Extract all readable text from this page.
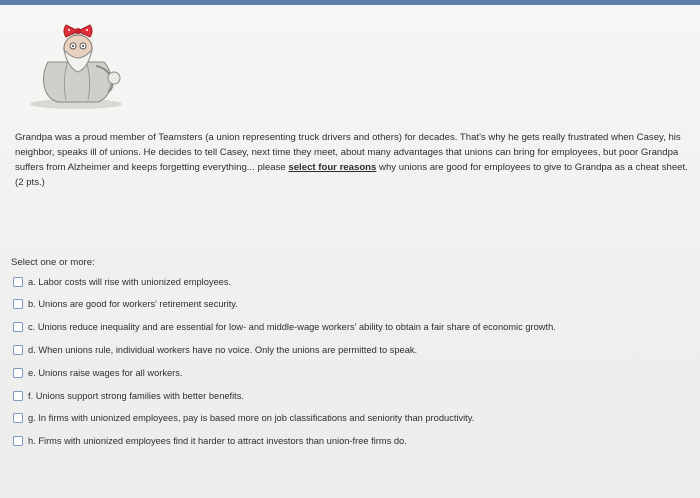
Grandpa was a proud member of Teamsters (a union representing truck drivers and others) for decades. That's why he gets really frustrated when Casey, his neighbor, speaks ill of unions. He decides to tell Casey, next time they meet, about many advantages that unions can bring for employees, but poor Grandpa suffers from Alzheimer and keeps forgetting everything... please select four reasons why unions are good for employees to give to Grandpa as a cheat sheet. (2 pts.)
Select one or more:
a. Labor costs will rise with unionized employees.
b. Unions are good for workers' retirement security.
c. Unions reduce inequality and are essential for low- and middle-wage workers' ability to obtain a fair share of economic growth.
d. When unions rule, individual workers have no voice. Only the unions are permitted to speak.
e. Unions raise wages for all workers.
f. Unions support strong families with better benefits.
g. In firms with unionized employees, pay is based more on job classifications and seniority than productivity.
h. Firms with unionized employees find it harder to attract investors than union-free firms do.
